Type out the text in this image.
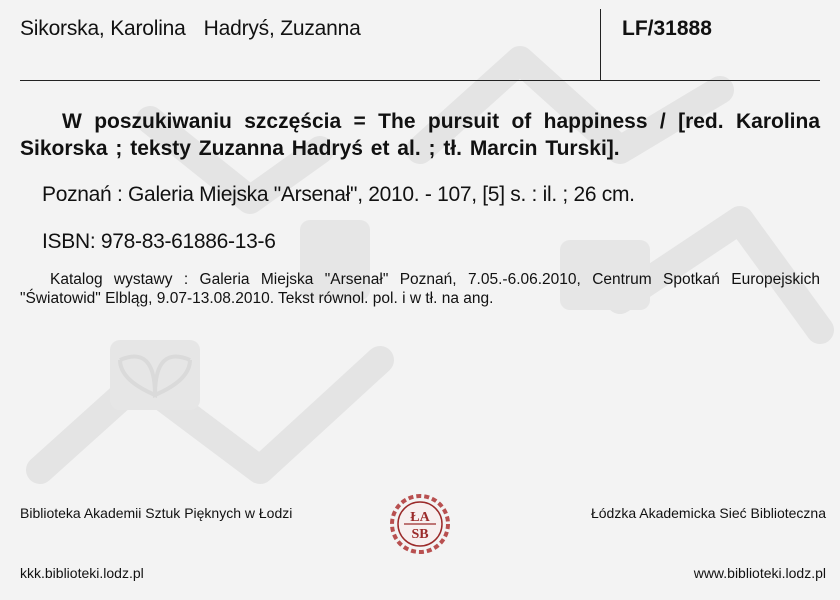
Sikorska, Karolina Hadryś, Zuzanna	LF/31888
W poszukiwaniu szczęścia = The pursuit of happiness / [red. Karolina Sikorska ; teksty Zuzanna Hadryś et al. ; tł. Marcin Turski].
Poznań : Galeria Miejska "Arsenał", 2010. - 107, [5] s. : il. ; 26 cm.
ISBN: 978-83-61886-13-6
Katalog wystawy : Galeria Miejska "Arsenał" Poznań, 7.05.-6.06.2010, Centrum Spotkań Europejskich "Światowid" Elbląg, 9.07-13.08.2010. Tekst równol. pol. i w tł. na ang.
Biblioteka Akademii Sztuk Pięknych w Łodzi	Łódzka Akademicka Sieć Biblioteczna
ŁA
SB
kkk.biblioteki.lodz.pl	www.biblioteki.lodz.pl
